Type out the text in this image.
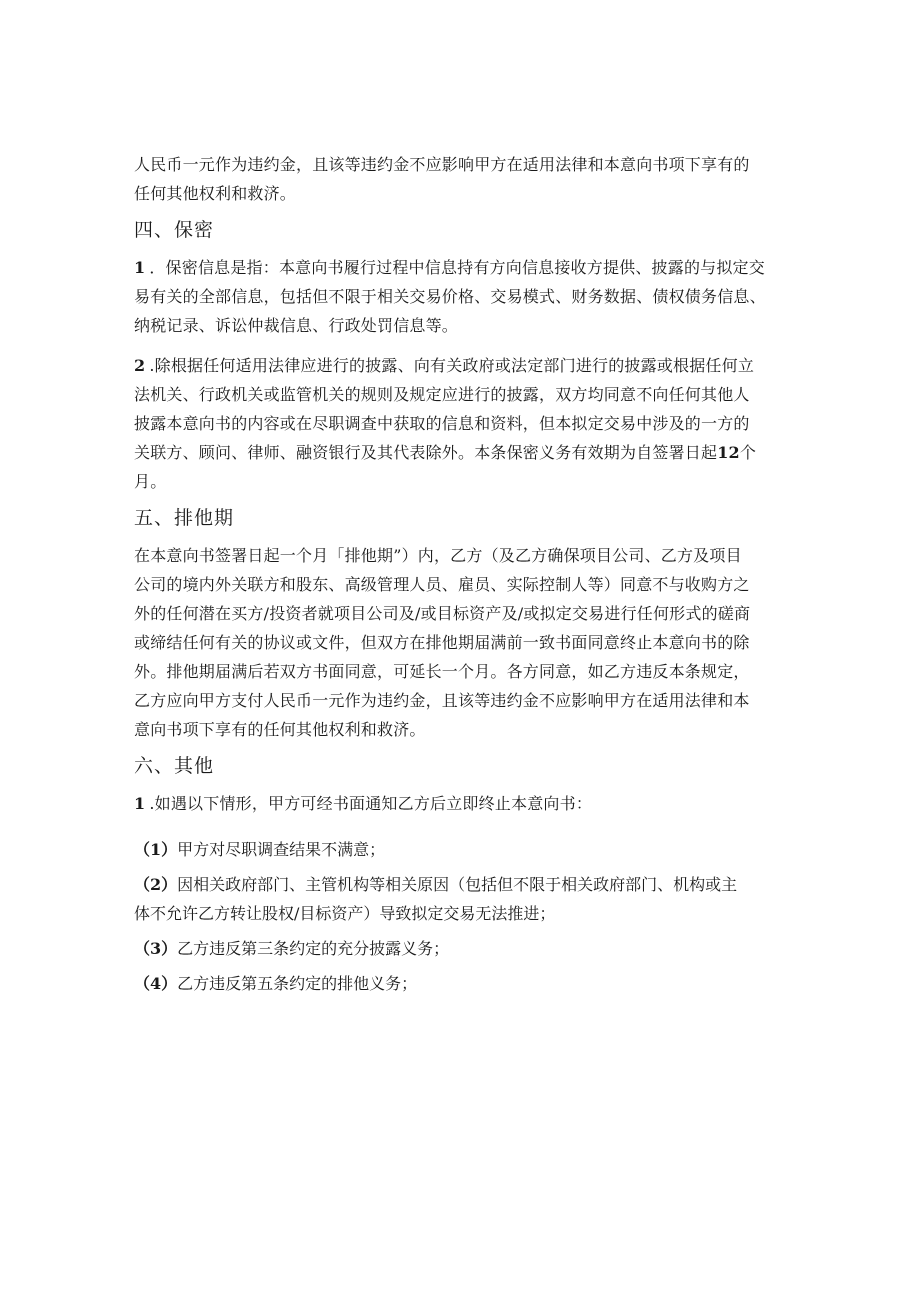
人民币一元作为违约金，且该等违约金不应影响甲方在适用法律和本意向书项下享有的
任何其他权利和救济。
四、保密
1 ．保密信息是指：本意向书履行过程中信息持有方向信息接收方提供、披露的与拟定交
易有关的全部信息，包括但不限于相关交易价格、交易模式、财务数据、债权债务信息、
纳税记录、诉讼仲裁信息、行政处罚信息等。
2 .除根据任何适用法律应进行的披露、向有关政府或法定部门进行的披露或根据任何立
法机关、行政机关或监管机关的规则及规定应进行的披露，双方均同意不向任何其他人
披露本意向书的内容或在尽职调查中获取的信息和资料，但本拟定交易中涉及的一方的
关联方、顾问、律师、融资银行及其代表除外。本条保密义务有效期为自签署日起12个
月。
五、排他期
在本意向书签署日起一个月「排他期”）内，乙方（及乙方确保项目公司、乙方及项目
公司的境内外关联方和股东、高级管理人员、雇员、实际控制人等）同意不与收购方之
外的任何潜在买方/投资者就项目公司及/或目标资产及/或拟定交易进行任何形式的磋商
或缔结任何有关的协议或文件，但双方在排他期届满前一致书面同意终止本意向书的除
外。排他期届满后若双方书面同意，可延长一个月。各方同意，如乙方违反本条规定，
乙方应向甲方支付人民币一元作为违约金，且该等违约金不应影响甲方在适用法律和本
意向书项下享有的任何其他权利和救济。
六、其他
1 .如遇以下情形，甲方可经书面通知乙方后立即终止本意向书：
（1）甲方对尽职调查结果不满意；
（2）因相关政府部门、主管机构等相关原因（包括但不限于相关政府部门、机构或主
体不允许乙方转让股权/目标资产）导致拟定交易无法推进；
（3）乙方违反第三条约定的充分披露义务；
（4）乙方违反第五条约定的排他义务；
